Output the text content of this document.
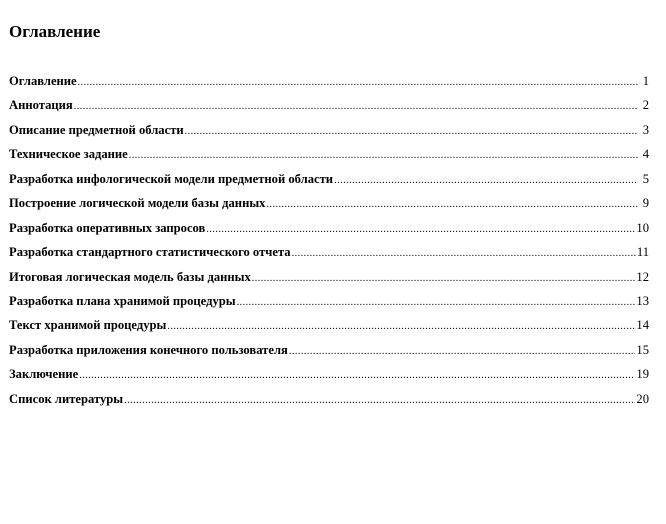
Оглавление
Оглавление .....	1
Аннотация .....	2
Описание предметной области .....	3
Техническое задание .....	4
Разработка инфологической модели предметной области .....	5
Построение логической модели базы данных .....	9
Разработка оперативных запросов .....	10
Разработка стандартного статистического отчета .....	11
Итоговая логическая модель базы данных .....	12
Разработка плана хранимой процедуры .....	13
Текст хранимой процедуры .....	14
Разработка приложения конечного пользователя .....	15
Заключение .....	19
Список литературы .....	20
